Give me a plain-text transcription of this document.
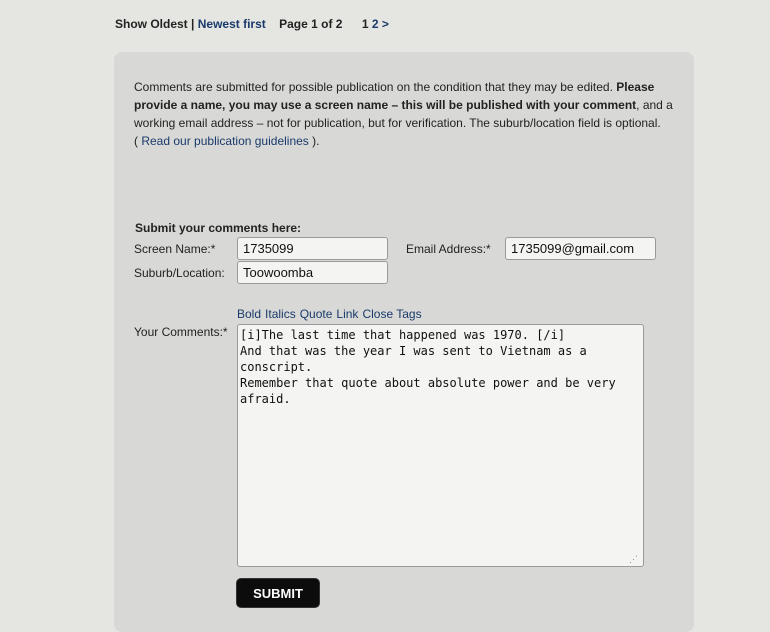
Show Oldest | Newest first Page 1 of 2 1 2 >
Comments are submitted for possible publication on the condition that they may be edited. Please provide a name, you may use a screen name – this will be published with your comment, and a working email address – not for publication, but for verification. The suburb/location field is optional.
( Read our publication guidelines ).
Submit your comments here:
Screen Name:*
1735099	Email Address:*
1735099@gmail.com
Suburb/Location:
Toowoomba
Bold Italics Quote Link Close Tags
Your Comments:*
[i]The last time that happened was 1970. [/i] And that was the year I was sent to Vietnam as a conscript. Remember that quote about absolute power and be very afraid.
⋰
SUBMIT
